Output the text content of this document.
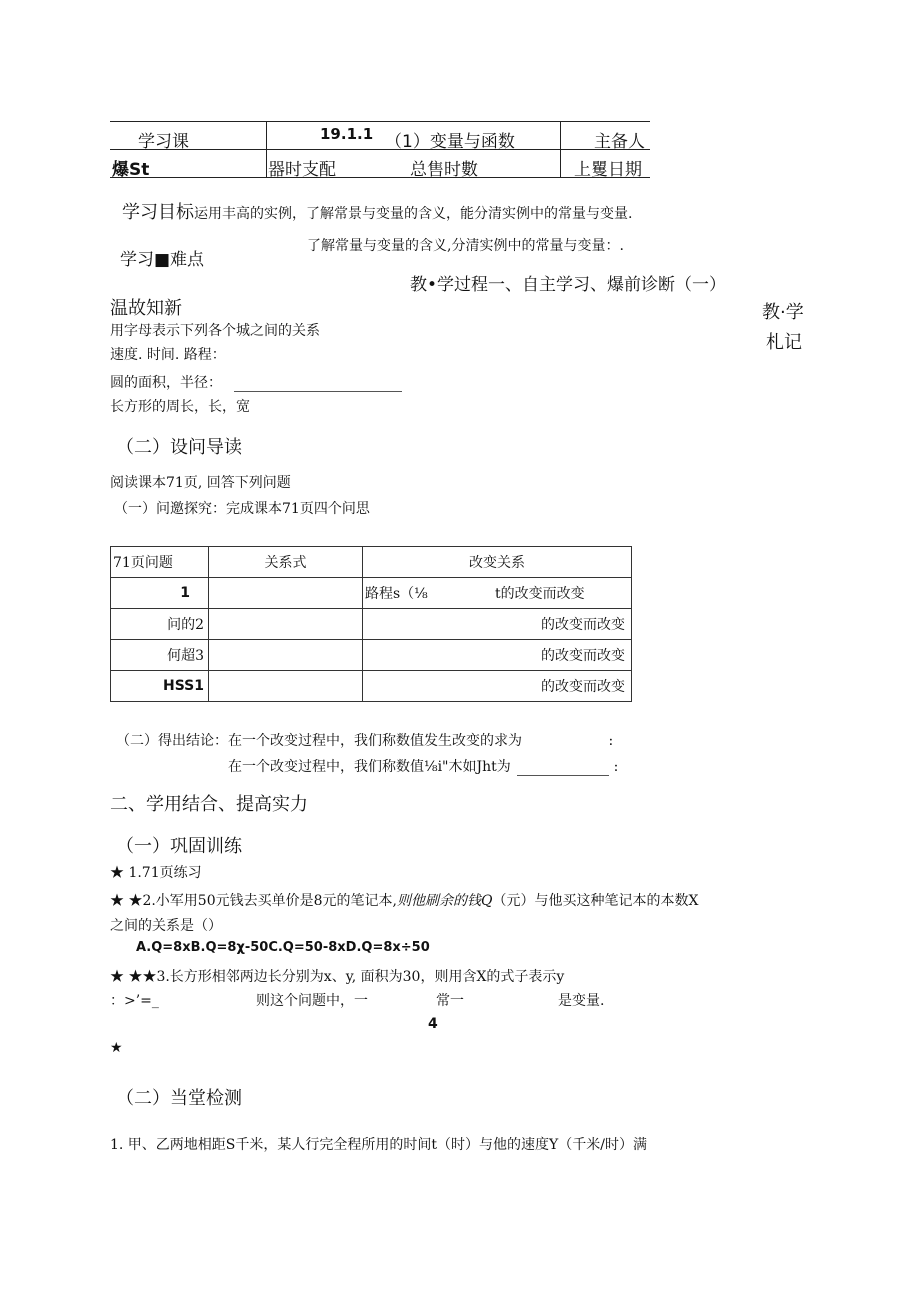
学习课	19.1.1 （1）变量与函数	主备人
爆St	器时支配	总售时數	上矍日期
学习目标运用丰高的实例，了解常景与变量的含义，能分清实例中的常量与变量.
学习■难点
了解常量与变量的含义,分清实例中的常量与变量：.
教•学过程一、自主学习、爆前诊断（一）
教·学
札记
温故知新
用字母表示下列各个城之间的关系
速度. 时间. 路程：
圆的面积，半径：
长方形的周长，长，宽
（二）设问导读
阅读课本71页, 回答下列问题
（一）问邀探究：完成课本71页四个问思
71页问题	关系式	改变关系
1		路程s（⅛ t的改变而改变
问的2		的改变而改变
何超3		的改变而改变
HSS1		的改变而改变
（二）得出结论：在一个改变过程中，我们称数值发生改变的求为	:
在一个改变过程中，我们称数值⅛i"木如Jht为	:
二、学用结合、提高实力
（一）巩固训练
★ 1.71页练习
★ ★2.小军用50元钱去买单价是8元的笔记本,则他刷余的钱Q（元）与他买这种笔记本的本数X
之间的关系是（）
A.Q=8xB.Q=8χ-50C.Q=50-8xD.Q=8x÷50
★ ★★3.长方形相邻两边长分别为x、y, 面积为30，则用含X的式子表示y
：>’=_	则这个问题中，一	常一	是变量.
4
★
（二）当堂检测
1. 甲、乙两地相距S千米，某人行完全程所用的时间t（时）与他的速度Y（千米/时）满
